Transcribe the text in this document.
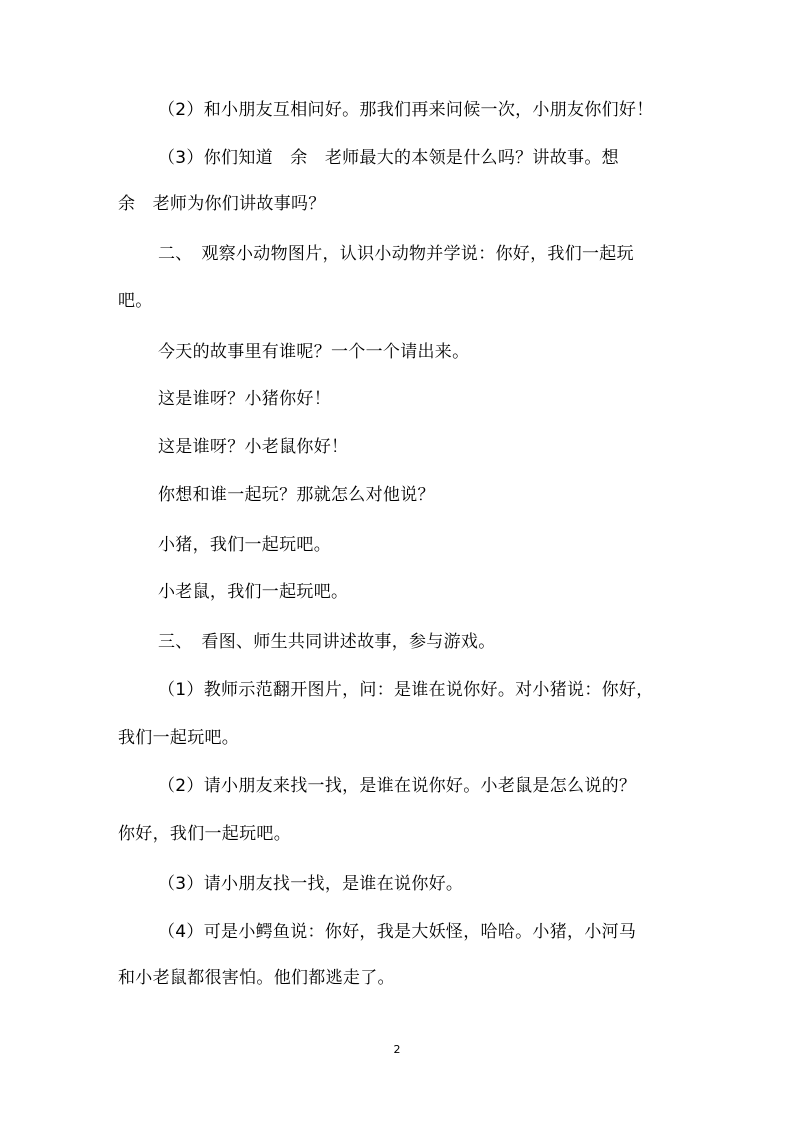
（2）和小朋友互相问好。那我们再来问候一次，小朋友你们好！
（3）你们知道　余　老师最大的本领是什么吗？讲故事。想
余　老师为你们讲故事吗？
二、　观察小动物图片，认识小动物并学说：你好，我们一起玩
吧。
今天的故事里有谁呢？一个一个请出来。
这是谁呀？小猪你好！
这是谁呀？小老鼠你好！
你想和谁一起玩？那就怎么对他说？
小猪，我们一起玩吧。
小老鼠，我们一起玩吧。
三、　看图、师生共同讲述故事，参与游戏。
（1）教师示范翻开图片，问：是谁在说你好。对小猪说：你好，
我们一起玩吧。
（2）请小朋友来找一找，是谁在说你好。小老鼠是怎么说的？
你好，我们一起玩吧。
（3）请小朋友找一找，是谁在说你好。
（4）可是小鳄鱼说：你好，我是大妖怪，哈哈。小猪，小河马
和小老鼠都很害怕。他们都逃走了。
2
